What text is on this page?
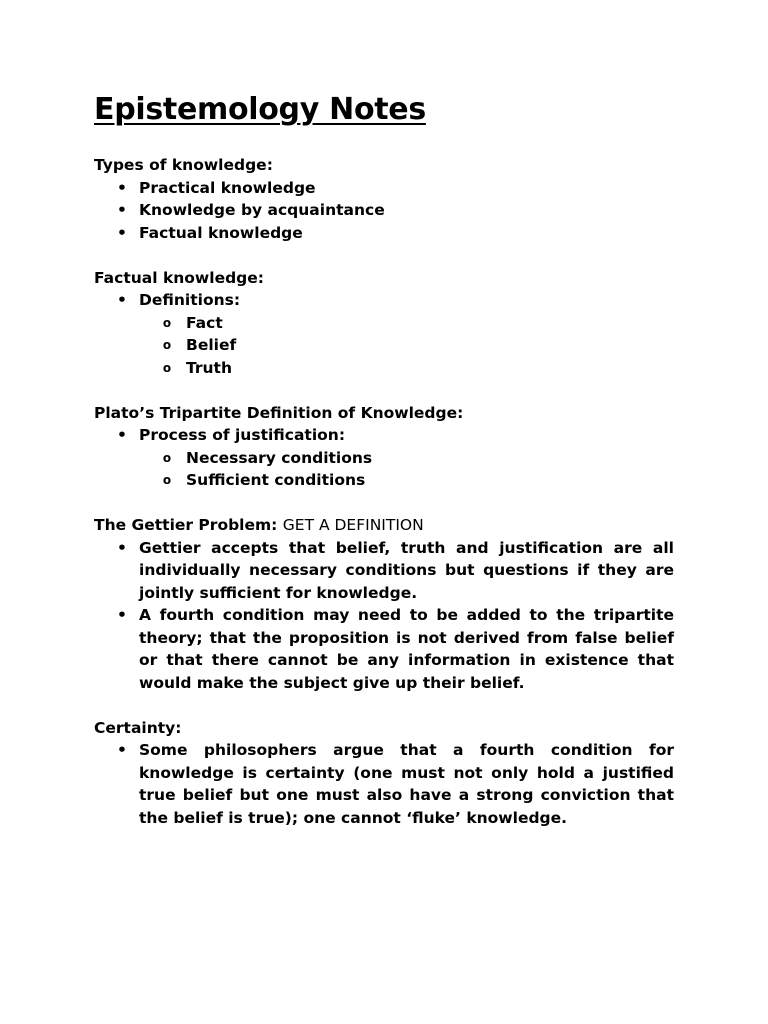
Epistemology Notes

Types of knowledge:

• Practical knowledge
• Knowledge by acquaintance
• Factual knowledge

Factual knowledge:

• Definitions:
o Fact
o Belief
o Truth

Plato’s Tripartite Definition of Knowledge:

• Process of justification:
o Necessary conditions
o Sufficient conditions

The Gettier Problem: GET A DEFINITION

• Gettier accepts that belief, truth and justification are all individually necessary conditions but questions if they are jointly sufficient for knowledge.
• A fourth condition may need to be added to the tripartite theory; that the proposition is not derived from false belief or that there cannot be any information in existence that would make the subject give up their belief.

Certainty:

• Some philosophers argue that a fourth condition for knowledge is certainty (one must not only hold a justified true belief but one must also have a strong conviction that the belief is true); one cannot ‘fluke’ knowledge.
